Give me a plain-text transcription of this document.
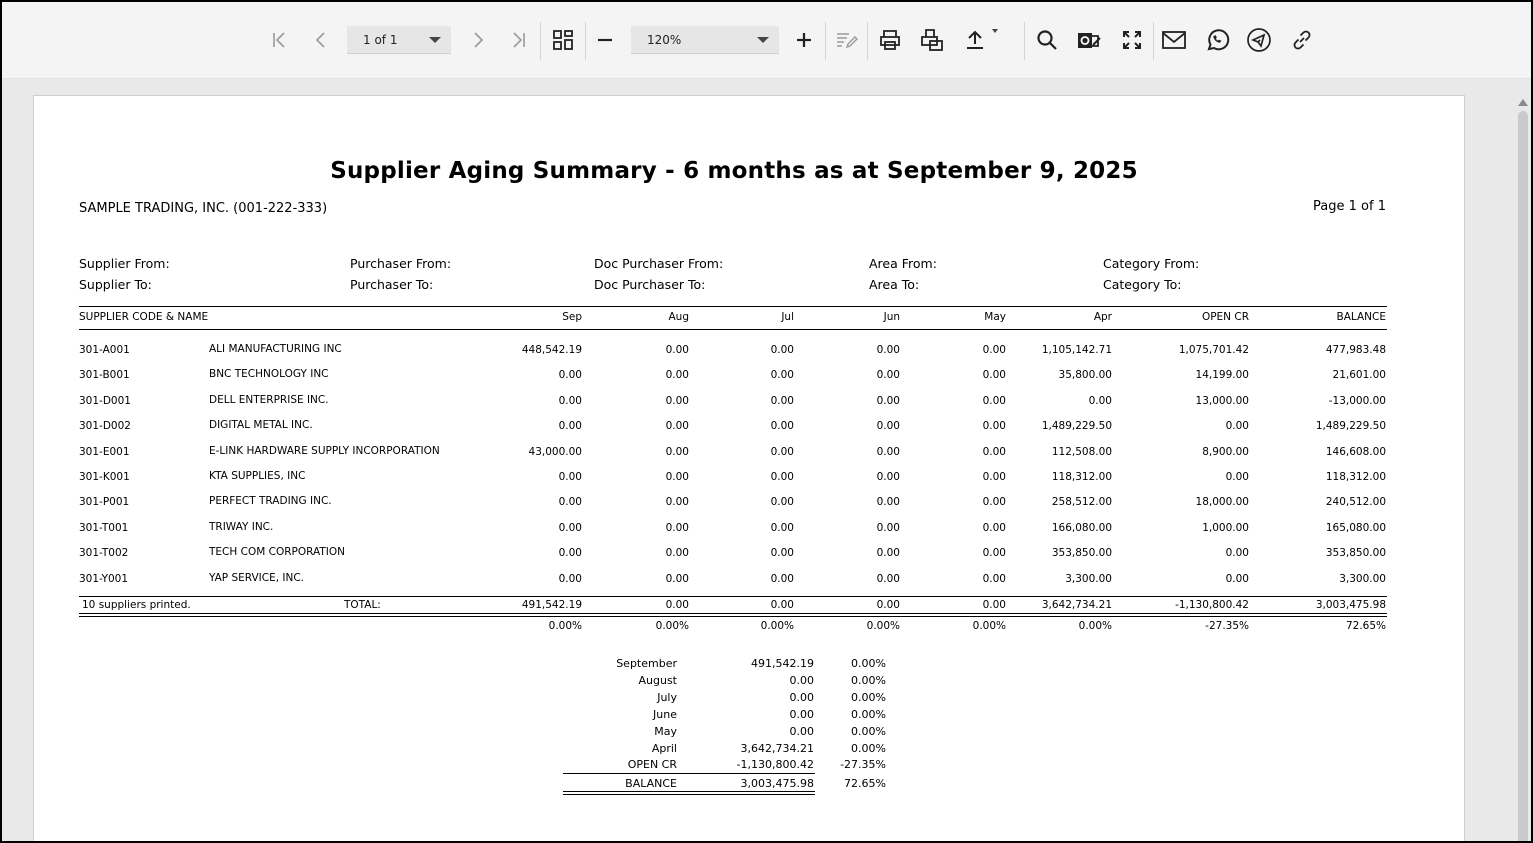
1 of 1	120%
Supplier Aging Summary - 6 months as at September 9, 2025
SAMPLE TRADING, INC. (001-222-333)	Page 1 of 1
Supplier From:
Supplier To:
Purchaser From:
Purchaser To:
Doc Purchaser From:
Doc Purchaser To:
Area From:
Area To:
Category From:
Category To:
SUPPLIER CODE & NAME	Sep	Aug	Jul	Jun	May	Apr	OPEN CR	BALANCE
301-A001	ALI MANUFACTURING INC	448,542.19	0.00	0.00	0.00	0.00	1,105,142.71	1,075,701.42	477,983.48
301-B001	BNC TECHNOLOGY INC	0.00	0.00	0.00	0.00	0.00	35,800.00	14,199.00	21,601.00
301-D001	DELL ENTERPRISE INC.	0.00	0.00	0.00	0.00	0.00	0.00	13,000.00	-13,000.00
301-D002	DIGITAL METAL INC.	0.00	0.00	0.00	0.00	0.00	1,489,229.50	0.00	1,489,229.50
301-E001	E-LINK HARDWARE SUPPLY INCORPORATION	43,000.00	0.00	0.00	0.00	0.00	112,508.00	8,900.00	146,608.00
301-K001	KTA SUPPLIES, INC	0.00	0.00	0.00	0.00	0.00	118,312.00	0.00	118,312.00
301-P001	PERFECT TRADING INC.	0.00	0.00	0.00	0.00	0.00	258,512.00	18,000.00	240,512.00
301-T001	TRIWAY INC.	0.00	0.00	0.00	0.00	0.00	166,080.00	1,000.00	165,080.00
301-T002	TECH COM CORPORATION	0.00	0.00	0.00	0.00	0.00	353,850.00	0.00	353,850.00
301-Y001	YAP SERVICE, INC.	0.00	0.00	0.00	0.00	0.00	3,300.00	0.00	3,300.00
10 suppliers printed.	TOTAL:	491,542.19	0.00	0.00	0.00	0.00	3,642,734.21	-1,130,800.42	3,003,475.98
0.00%	0.00%	0.00%	0.00%	0.00%	0.00%	-27.35%	72.65%
September	491,542.19	0.00%
August	0.00	0.00%
July	0.00	0.00%
June	0.00	0.00%
May	0.00	0.00%
April	3,642,734.21	0.00%
OPEN CR	-1,130,800.42	-27.35%
BALANCE	3,003,475.98	72.65%
